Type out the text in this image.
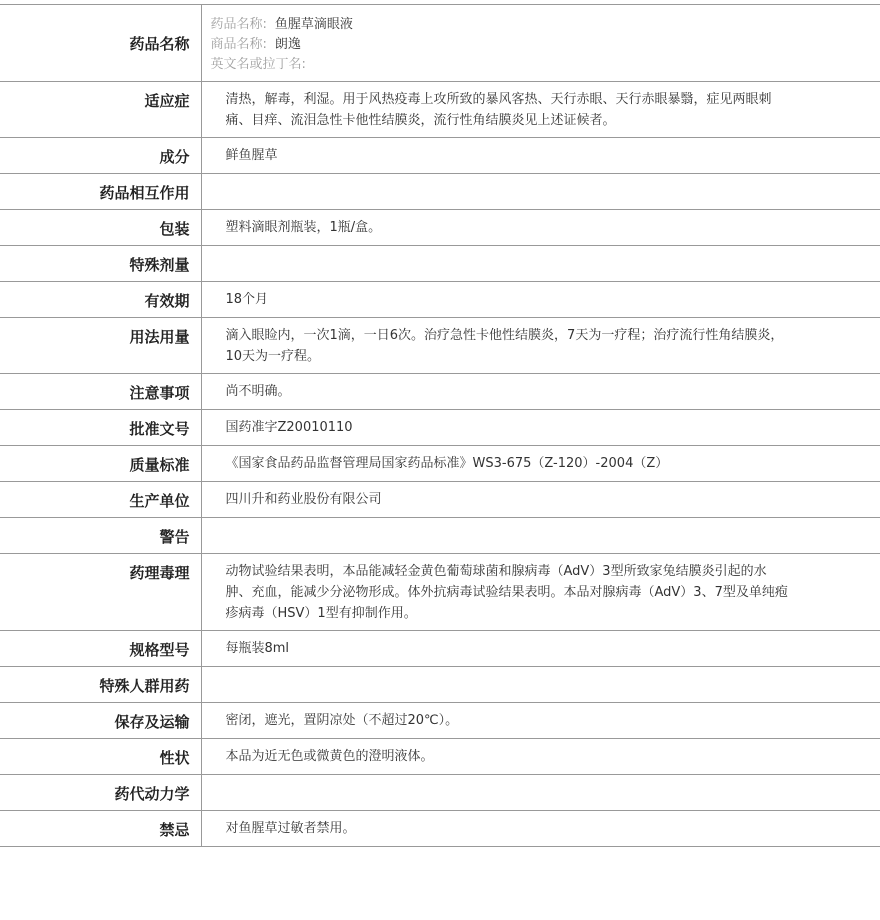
药品名称	药品名称: 鱼腥草滴眼液
商品名称: 朗逸
英文名或拉丁名:

适应症	清热，解毒，利湿。用于风热疫毒上攻所致的暴风客热、天行赤眼、天行赤眼暴翳，症见两眼刺痛、目痒、流泪急性卡他性结膜炎，流行性角结膜炎见上述证候者。

成分	鲜鱼腥草

药品相互作用	

包装	塑料滴眼剂瓶装，1瓶/盒。

特殊剂量	

有效期	18个月

用法用量	滴入眼睑内，一次1滴，一日6次。治疗急性卡他性结膜炎，7天为一疗程；治疗流行性角结膜炎，10天为一疗程。

注意事项	尚不明确。

批准文号	国药准字Z20010110

质量标准	《国家食品药品监督管理局国家药品标准》WS3-675（Z-120）-2004（Z）

生产单位	四川升和药业股份有限公司

警告	

药理毒理	动物试验结果表明，本品能减轻金黄色葡萄球菌和腺病毒（AdV）3型所致家兔结膜炎引起的水肿、充血，能减少分泌物形成。体外抗病毒试验结果表明。本品对腺病毒（AdV）3、7型及单纯疱疹病毒（HSV）1型有抑制作用。

规格型号	每瓶装8ml

特殊人群用药	

保存及运输	密闭，遮光，置阴凉处（不超过20℃）。

性状	本品为近无色或微黄色的澄明液体。

药代动力学	

禁忌	对鱼腥草过敏者禁用。
